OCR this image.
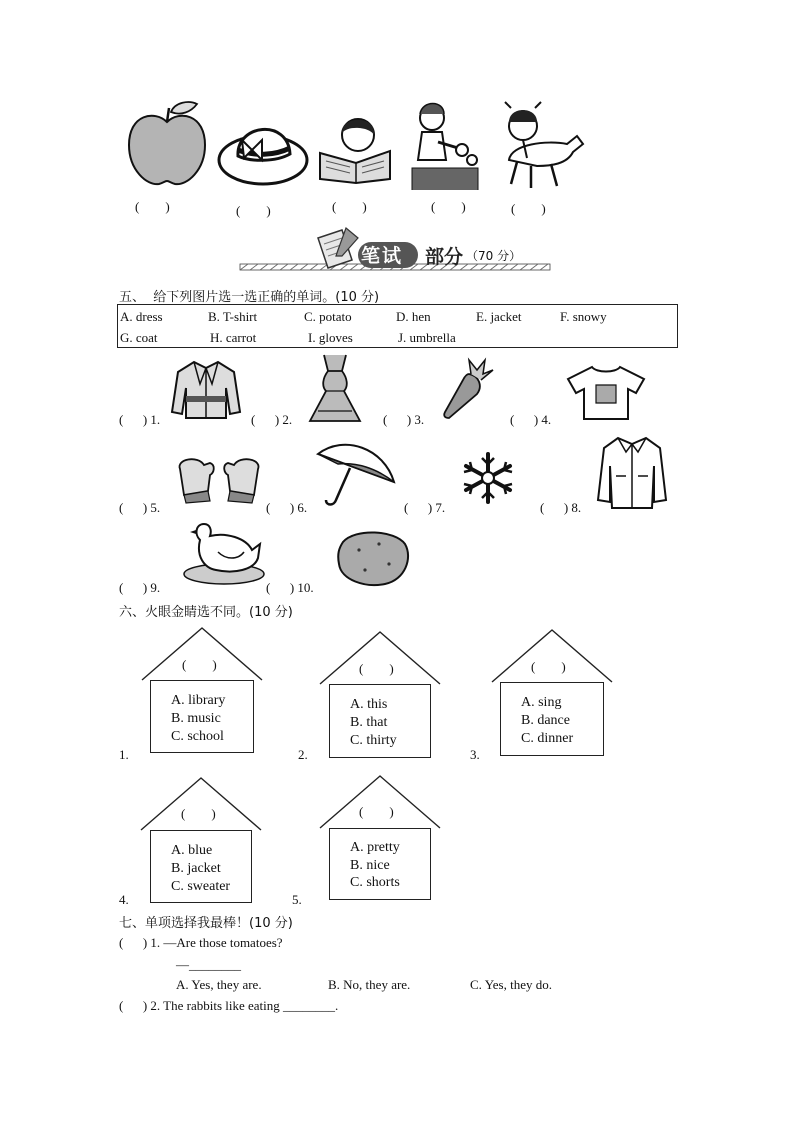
(        )	(        )	(        )	(        )	(        )
笔试 部分 （70 分）
五、  给下列图片选一选正确的单词。(10 分)
A. dress	B. T-shirt	C. potato	D. hen	E. jacket	F. snowy
G. coat	H. carrot	I. gloves	J. umbrella
(      ) 1.	(      ) 2.	(      ) 3.	(      ) 4.
(      ) 5.	(      ) 6.	(      ) 7.	(      ) 8.
(      ) 9.	(      ) 10.
六、火眼金睛选不同。(10 分)
A. library
B. music
C. school
(        )
1.
A. this
B. that
C. thirty
(        )
2.
A. sing
B. dance
C. dinner
(        )
3.
A. blue
B. jacket
C. sweater
(        )
4.
A. pretty
B. nice
C. shorts
(        )
5.
七、单项选择我最棒！(10 分)
(      ) 1. —Are those tomatoes?
—________
A. Yes, they are.	B. No, they are.	C. Yes, they do.
(      ) 2. The rabbits like eating ________.
